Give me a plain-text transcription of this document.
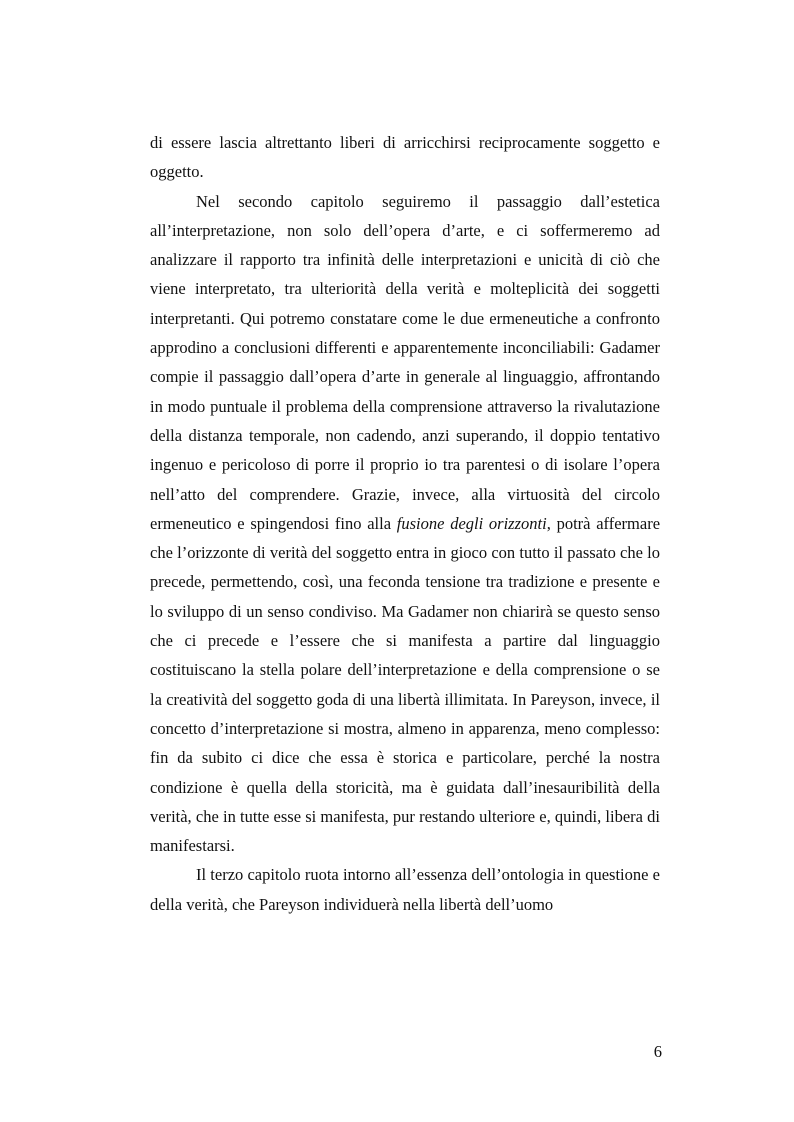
di essere lascia altrettanto liberi di arricchirsi reciprocamente soggetto e oggetto.

Nel secondo capitolo seguiremo il passaggio dall’estetica all’interpretazione, non solo dell’opera d’arte, e ci soffermeremo ad analizzare il rapporto tra infinità delle interpretazioni e unicità di ciò che viene interpretato, tra ulteriorità della verità e molteplicità dei soggetti interpretanti. Qui potremo constatare come le due ermeneutiche a confronto approdino a conclusioni differenti e apparentemente inconciliabili: Gadamer compie il passaggio dall’opera d’arte in generale al linguaggio, affrontando in modo puntuale il problema della comprensione attraverso la rivalutazione della distanza temporale, non cadendo, anzi superando, il doppio tentativo ingenuo e pericoloso di porre il proprio io tra parentesi o di isolare l’opera nell’atto del comprendere. Grazie, invece, alla virtuosità del circolo ermeneutico e spingendosi fino alla fusione degli orizzonti, potrà affermare che l’orizzonte di verità del soggetto entra in gioco con tutto il passato che lo precede, permettendo, così, una feconda tensione tra tradizione e presente e lo sviluppo di un senso condiviso. Ma Gadamer non chiarirà se questo senso che ci precede e l’essere che si manifesta a partire dal linguaggio costituiscano la stella polare dell’interpretazione e della comprensione o se la creatività del soggetto goda di una libertà illimitata. In Pareyson, invece, il concetto d’interpretazione si mostra, almeno in apparenza, meno complesso: fin da subito ci dice che essa è storica e particolare, perché la nostra condizione è quella della storicità, ma è guidata dall’inesauribilità della verità, che in tutte esse si manifesta, pur restando ulteriore e, quindi, libera di manifestarsi.

Il terzo capitolo ruota intorno all’essenza dell’ontologia in questione e della verità, che Pareyson individuerà nella libertà dell’uomo

6
